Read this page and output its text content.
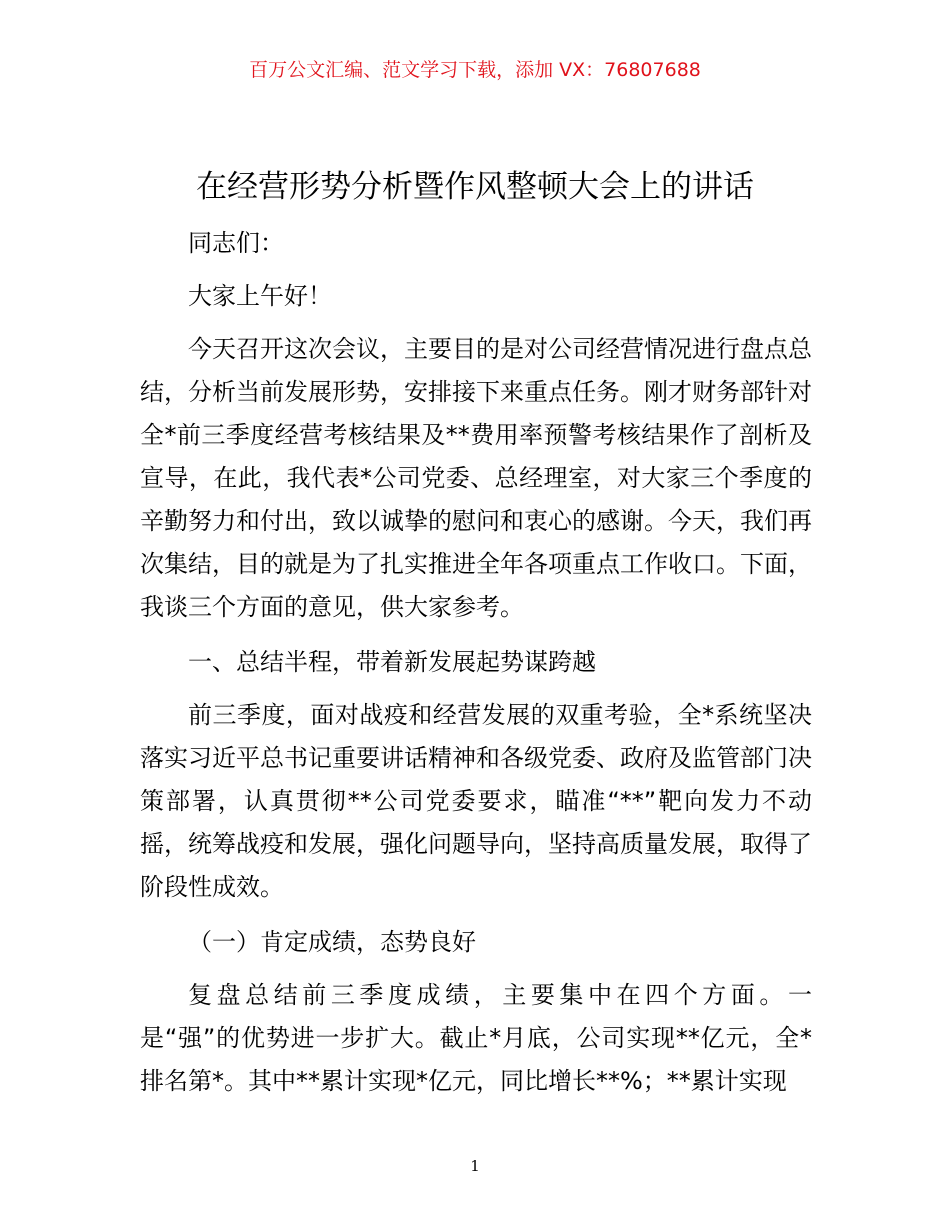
百万公文汇编、范文学习下载，添加 VX：76807688
在经营形势分析暨作风整顿大会上的讲话

同志们：

大家上午好！

今天召开这次会议，主要目的是对公司经营情况进行盘点总结，分析当前发展形势，安排接下来重点任务。刚才财务部针对全*前三季度经营考核结果及**费用率预警考核结果作了剖析及宣导，在此，我代表*公司党委、总经理室，对大家三个季度的辛勤努力和付出，致以诚挚的慰问和衷心的感谢。今天，我们再次集结，目的就是为了扎实推进全年各项重点工作收口。下面，我谈三个方面的意见，供大家参考。

一、总结半程，带着新发展起势谋跨越

前三季度，面对战疫和经营发展的双重考验，全*系统坚决落实习近平总书记重要讲话精神和各级党委、政府及监管部门决策部署，认真贯彻**公司党委要求，瞄准“**”靶向发力不动摇，统筹战疫和发展，强化问题导向，坚持高质量发展，取得了阶段性成效。

（一）肯定成绩，态势良好

复盘总结前三季度成绩，主要集中在四个方面。一是“强”的优势进一步扩大。截止*月底，公司实现**亿元，全*排名第*。其中**累计实现*亿元，同比增长**%；**累计实现

1
